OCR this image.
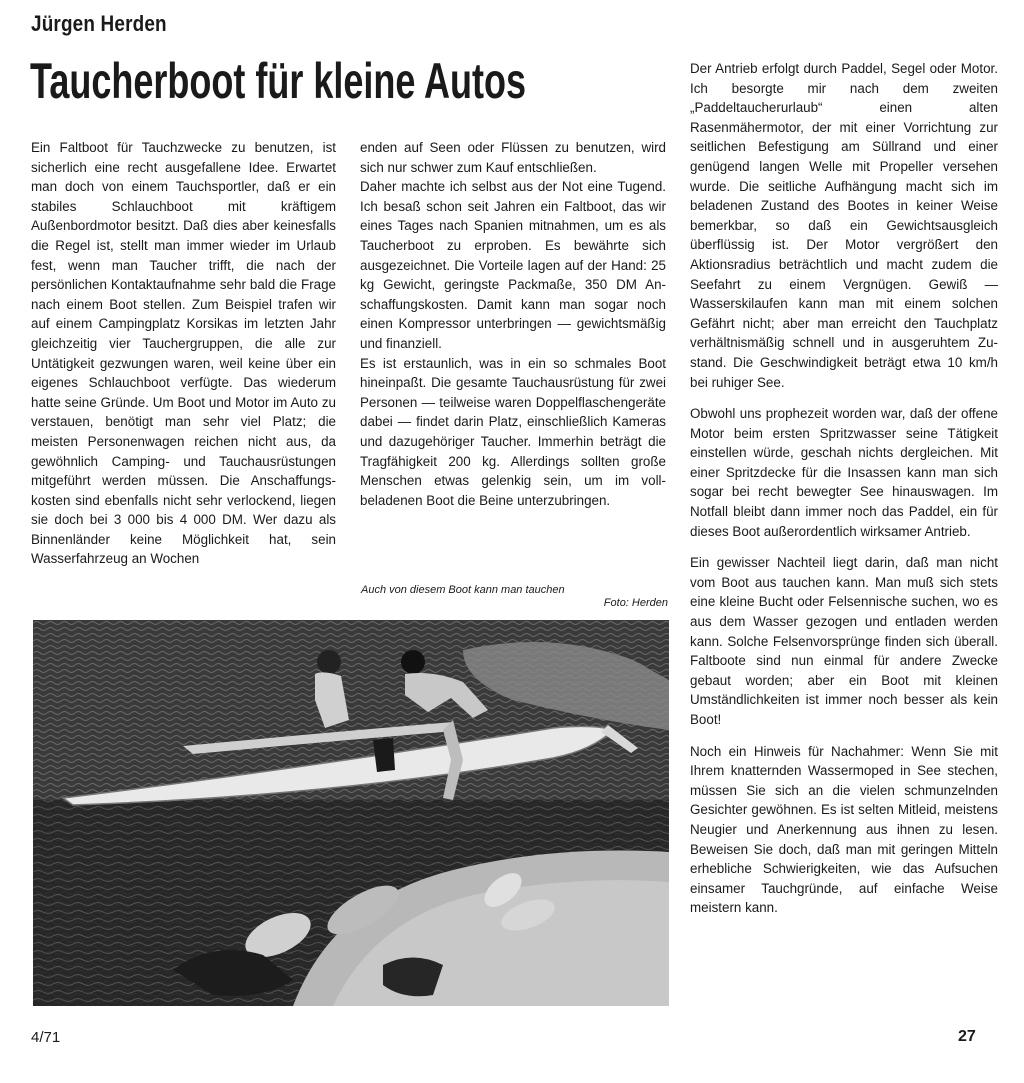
Jürgen Herden
Taucherboot für kleine Autos

Ein Faltboot für Tauchzwecke zu benutzen, ist sicherlich eine recht ausgefallene Idee. Erwartet man doch von einem Tauchsportler, daß er ein stabiles Schlauchboot mit kräftigem Außenbordmotor besitzt. Daß dies aber keinesfalls die Regel ist, stellt man immer wieder im Urlaub fest, wenn man Taucher trifft, die nach der persönlichen Kontaktaufnahme sehr bald die Frage nach einem Boot stellen. Zum Beispiel trafen wir auf einem Campingplatz Korsikas im letzten Jahr gleichzeitig vier Tauchergruppen, die alle zur Untätigkeit gezwungen waren, weil keine über ein eigenes Schlauchboot verfügte. Das wiederum hatte seine Gründe. Um Boot und Motor im Auto zu verstauen, benötigt man sehr viel Platz; die meisten Personenwagen reichen nicht aus, da gewöhnlich Camping- und Tauchausrüstungen mitgeführt werden müssen. Die Anschaffungskosten sind ebenfalls nicht sehr verlockend, liegen sie doch bei 3 000 bis 4 000 DM. Wer dazu als Binnenländer keine Möglichkeit hat, sein Wasserfahrzeug an Wochen

enden auf Seen oder Flüssen zu benutzen, wird sich nur schwer zum Kauf entschließen.

Daher machte ich selbst aus der Not eine Tugend. Ich besaß schon seit Jahren ein Faltboot, das wir eines Tages nach Spanien mitnahmen, um es als Taucherboot zu erproben. Es bewährte sich ausgezeichnet. Die Vorteile lagen auf der Hand: 25 kg Gewicht, geringste Packmaße, 350 DM Anschaffungskosten. Damit kann man sogar noch einen Kompressor unterbringen — gewichtsmäßig und finanziell.

Es ist erstaunlich, was in ein so schmales Boot hineinpaßt. Die gesamte Tauchausrüstung für zwei Personen — teilweise waren Doppelflaschengeräte dabei — findet darin Platz, einschließlich Kameras und dazugehöriger Taucher. Immerhin beträgt die Tragfähigkeit 200 kg. Allerdings sollten große Menschen etwas gelenkig sein, um im vollbeladenen Boot die Beine unterzubringen.

Auch von diesem Boot kann man tauchen
Foto: Herden

Der Antrieb erfolgt durch Paddel, Segel oder Motor. Ich besorgte mir nach dem zweiten „Paddeltaucherurlaub“ einen alten Rasenmähermotor, der mit einer Vorrichtung zur seitlichen Befestigung am Süllrand und einer genügend langen Welle mit Propeller versehen wurde. Die seitliche Aufhängung macht sich im beladenen Zustand des Bootes in keiner Weise bemerkbar, so daß ein Gewichtsausgleich überflüssig ist. Der Motor vergrößert den Aktionsradius beträchtlich und macht zudem die Seefahrt zu einem Vergnügen. Gewiß — Wasserskilaufen kann man mit einem solchen Gefährt nicht; aber man erreicht den Tauchplatz verhältnismäßig schnell und in ausgeruhtem Zustand. Die Geschwindigkeit beträgt etwa 10 km/h bei ruhiger See.

Obwohl uns prophezeit worden war, daß der offene Motor beim ersten Spritzwasser seine Tätigkeit einstellen würde, geschah nichts dergleichen. Mit einer Spritzdecke für die Insassen kann man sich sogar bei recht bewegter See hinauswagen. Im Notfall bleibt dann immer noch das Paddel, ein für dieses Boot außerordentlich wirksamer Antrieb.

Ein gewisser Nachteil liegt darin, daß man nicht vom Boot aus tauchen kann. Man muß sich stets eine kleine Bucht oder Felsennische suchen, wo es aus dem Wasser gezogen und entladen werden kann. Solche Felsenvorsprünge finden sich überall. Faltboote sind nun einmal für andere Zwecke gebaut worden; aber ein Boot mit kleinen Umständlichkeiten ist immer noch besser als kein Boot!

Noch ein Hinweis für Nachahmer: Wenn Sie mit Ihrem knatternden Wassermoped in See stechen, müssen Sie sich an die vielen schmunzelnden Gesichter gewöhnen. Es ist selten Mitleid, meistens Neugier und Anerkennung aus ihnen zu lesen. Beweisen Sie doch, daß man mit geringen Mitteln erhebliche Schwierigkeiten, wie das Aufsuchen einsamer Tauchgründe, auf einfache Weise meistern kann.

4/71	27
